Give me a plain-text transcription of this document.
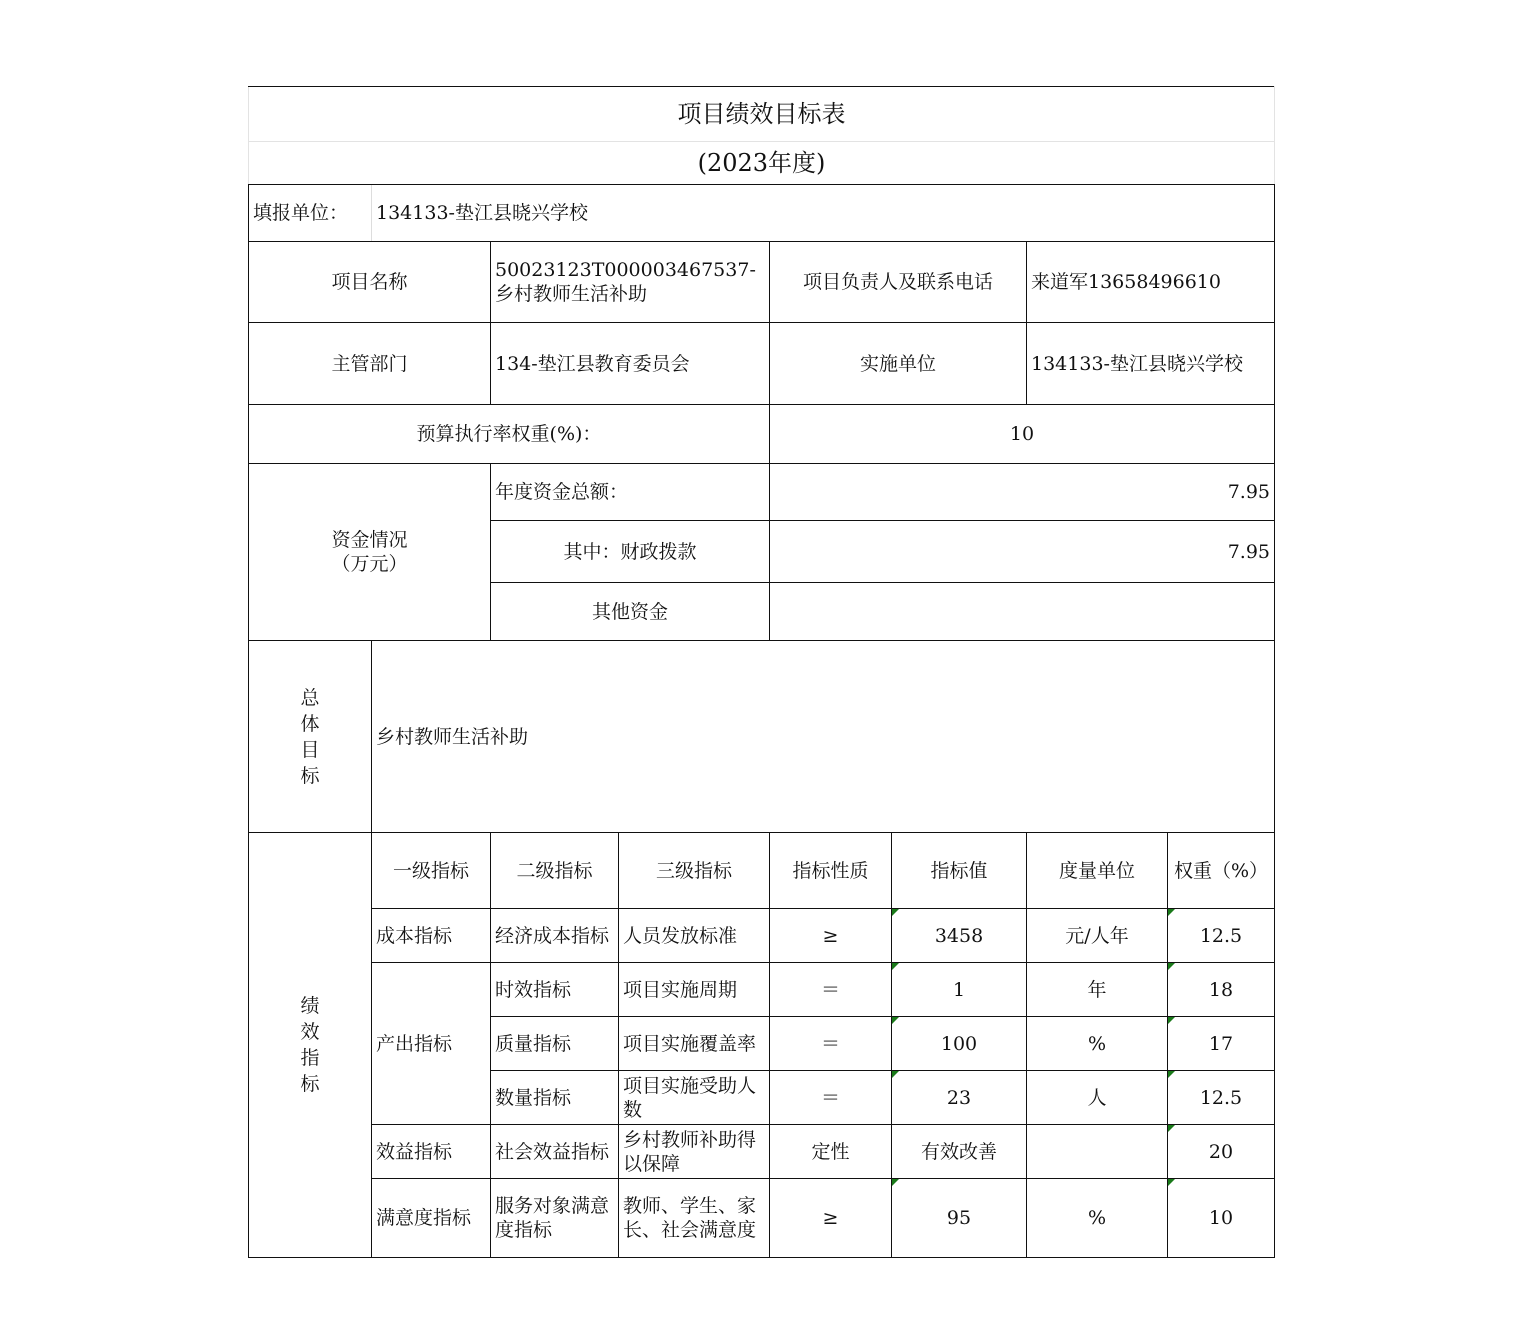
项目绩效目标表							
(2023年度)							
填报单位：	134133-垫江县晓兴学校						
项目名称		50023123T000003467537-乡村教师生活补助		项目负责人及联系电话		来道军13658496610	
主管部门		134-垫江县教育委员会		实施单位		134133-垫江县晓兴学校	
预算执行率权重(%)：				10			

资金情况
（万元）		年度资金总额：		7.95			
		其中：财政拨款		7.95			
		其他资金					

总
体
目
标	乡村教师生活补助						

绩
效
指
标	一级指标	二级指标	三级指标	指标性质	指标值	度量单位	权重（%）
	成本指标	经济成本指标	人员发放标准	≥	3458	元/人年	12.5
	产出指标	时效指标	项目实施周期	＝	1	年	18
		质量指标	项目实施覆盖率	＝	100	%	17
		数量指标	项目实施受助人数	＝	23	人	12.5
	效益指标	社会效益指标	乡村教师补助得以保障	定性	有效改善		20
	满意度指标	服务对象满意度指标	教师、学生、家长、社会满意度	≥	95	%	10
